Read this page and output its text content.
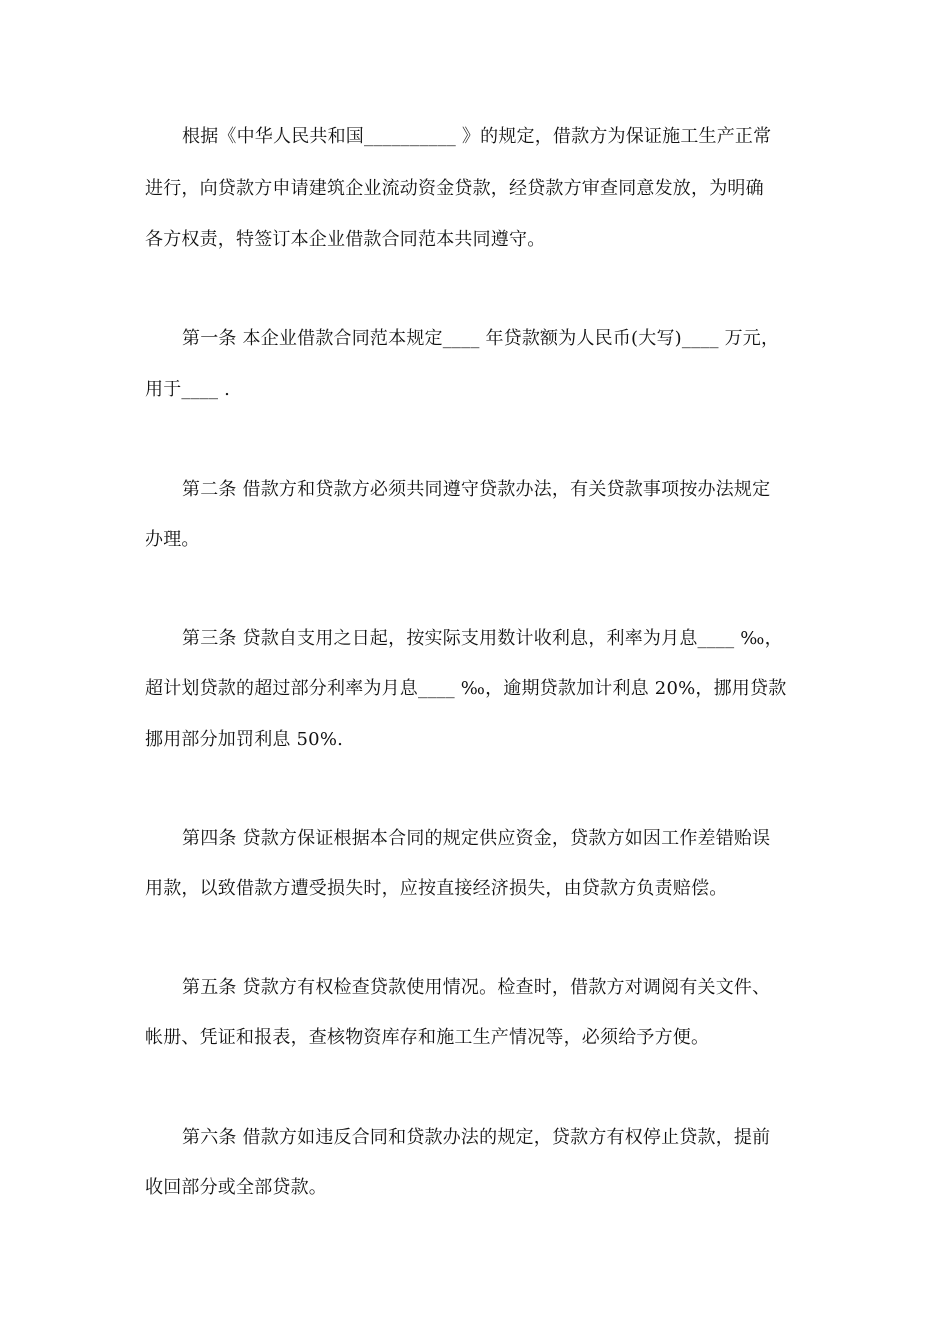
根据《中华人民共和国__________ 》的规定，借款方为保证施工生产正常
进行，向贷款方申请建筑企业流动资金贷款，经贷款方审查同意发放，为明确
各方权责，特签订本企业借款合同范本共同遵守。
第一条 本企业借款合同范本规定____ 年贷款额为人民币(大写)____ 万元，
用于____ .
第二条 借款方和贷款方必须共同遵守贷款办法，有关贷款事项按办法规定
办理。
第三条 贷款自支用之日起，按实际支用数计收利息，利率为月息____ ‰，
超计划贷款的超过部分利率为月息____ ‰，逾期贷款加计利息 20%，挪用贷款
挪用部分加罚利息 50%.
第四条 贷款方保证根据本合同的规定供应资金，贷款方如因工作差错贻误
用款，以致借款方遭受损失时，应按直接经济损失，由贷款方负责赔偿。
第五条 贷款方有权检查贷款使用情况。检查时，借款方对调阅有关文件、
帐册、凭证和报表，查核物资库存和施工生产情况等，必须给予方便。
第六条 借款方如违反合同和贷款办法的规定，贷款方有权停止贷款，提前
收回部分或全部贷款。
